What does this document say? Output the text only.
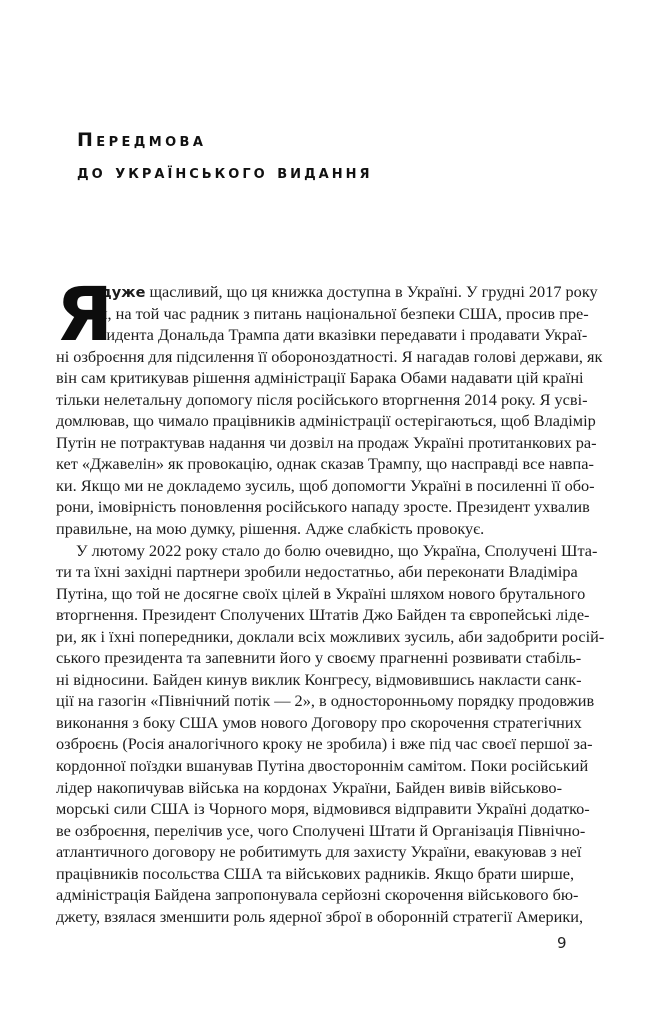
Передмова
до українського видання
Я
дуже щасливий, що ця книжка доступна в Україні. У грудні 2017 року
я, на той час радник з питань національної безпеки США, просив пре-
зидента Дональда Трампа дати вказівки передавати і продавати Украї-
ні озброєння для підсилення її обороноздатності. Я нагадав голові держави, як
він сам критикував рішення адміністрації Барака Обами надавати цій країні
тільки нелетальну допомогу після російського вторгнення 2014 року. Я усві-
домлював, що чимало працівників адміністрації остерігаються, щоб Владімір
Путін не потрактував надання чи дозвіл на продаж Україні протитанкових ра-
кет «Джавелін» як провокацію, однак сказав Трампу, що насправді все навпа-
ки. Якщо ми не докладемо зусиль, щоб допомогти Україні в посиленні її обо-
рони, імовірність поновлення російського нападу зросте. Президент ухвалив
правильне, на мою думку, рішення. Адже слабкість провокує.
У лютому 2022 року стало до болю очевидно, що Україна, Сполучені Шта-
ти та їхні західні партнери зробили недостатньо, аби переконати Владіміра
Путіна, що той не досягне своїх цілей в Україні шляхом нового брутального
вторгнення. Президент Сполучених Штатів Джо Байден та європейські ліде-
ри, як і їхні попередники, доклали всіх можливих зусиль, аби задобрити росій-
ського президента та запевнити його у своєму прагненні розвивати стабіль-
ні відносини. Байден кинув виклик Конгресу, відмовившись накласти санк-
ції на газогін «Північний потік — 2», в односторонньому порядку продовжив
виконання з боку США умов нового Договору про скорочення стратегічних
озброєнь (Росія аналогічного кроку не зробила) і вже під час своєї першої за-
кордонної поїздки вшанував Путіна двостороннім самітом. Поки російський
лідер накопичував війська на кордонах України, Байден вивів військово-
морські сили США із Чорного моря, відмовився відправити Україні додатко-
ве озброєння, перелічив усе, чого Сполучені Штати й Організація Північно-
атлантичного договору не робитимуть для захисту України, евакуював з неї
працівників посольства США та військових радників. Якщо брати ширше,
адміністрація Байдена запропонувала серйозні скорочення військового бю-
джету, взялася зменшити роль ядерної зброї в оборонній стратегії Америки,
9
